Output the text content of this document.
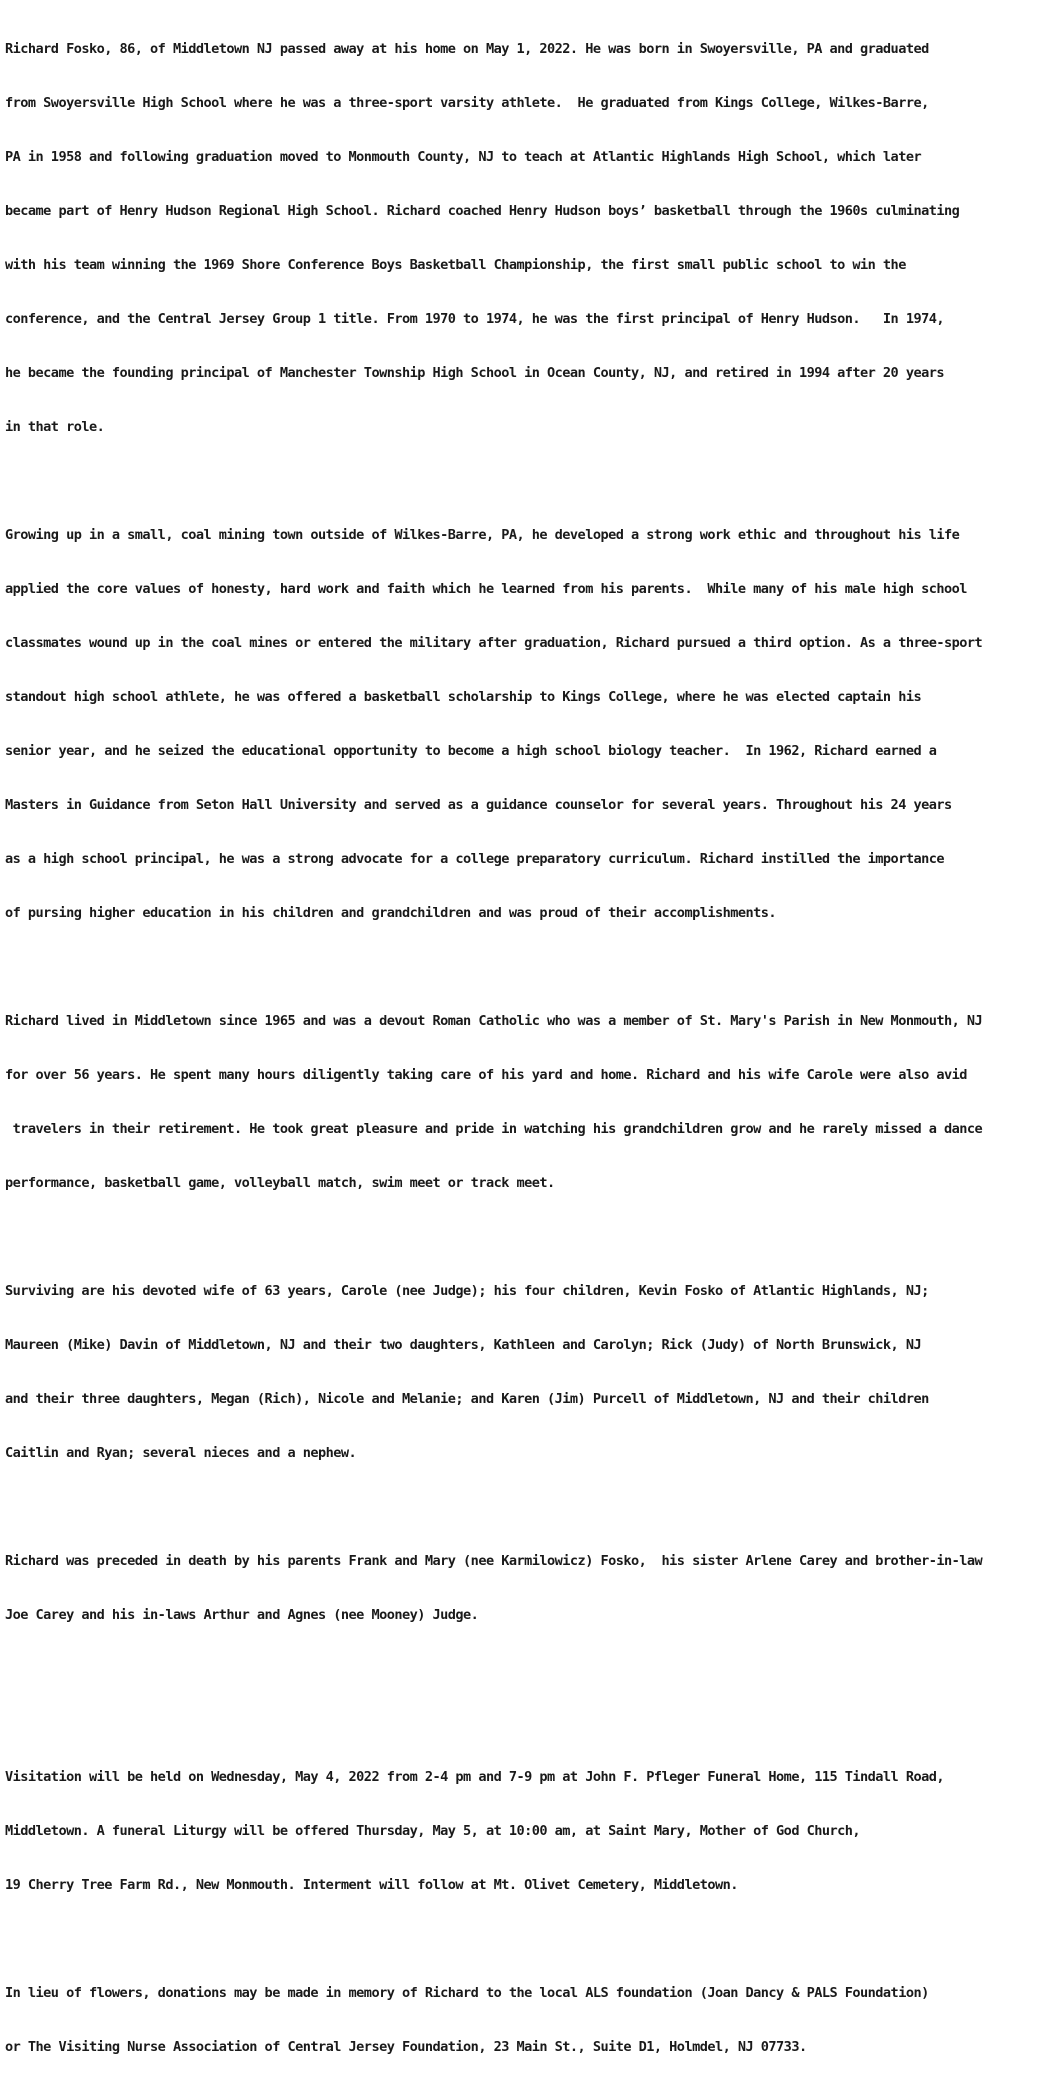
Richard Fosko, 86, of Middletown NJ passed away at his home on May 1, 2022. He was born in Swoyersville, PA and graduated

from Swoyersville High School where he was a three-sport varsity athlete.  He graduated from Kings College, Wilkes-Barre,

PA in 1958 and following graduation moved to Monmouth County, NJ to teach at Atlantic Highlands High School, which later

became part of Henry Hudson Regional High School. Richard coached Henry Hudson boys’ basketball through the 1960s culminating

with his team winning the 1969 Shore Conference Boys Basketball Championship, the first small public school to win the

conference, and the Central Jersey Group 1 title. From 1970 to 1974, he was the first principal of Henry Hudson.   In 1974,

he became the founding principal of Manchester Township High School in Ocean County, NJ, and retired in 1994 after 20 years

in that role.

Growing up in a small, coal mining town outside of Wilkes-Barre, PA, he developed a strong work ethic and throughout his life

applied the core values of honesty, hard work and faith which he learned from his parents.  While many of his male high school

classmates wound up in the coal mines or entered the military after graduation, Richard pursued a third option. As a three-sport

standout high school athlete, he was offered a basketball scholarship to Kings College, where he was elected captain his

senior year, and he seized the educational opportunity to become a high school biology teacher.  In 1962, Richard earned a

Masters in Guidance from Seton Hall University and served as a guidance counselor for several years. Throughout his 24 years

as a high school principal, he was a strong advocate for a college preparatory curriculum. Richard instilled the importance

of pursing higher education in his children and grandchildren and was proud of their accomplishments.

Richard lived in Middletown since 1965 and was a devout Roman Catholic who was a member of St. Mary's Parish in New Monmouth, NJ

for over 56 years. He spent many hours diligently taking care of his yard and home. Richard and his wife Carole were also avid

travelers in their retirement. He took great pleasure and pride in watching his grandchildren grow and he rarely missed a dance

performance, basketball game, volleyball match, swim meet or track meet.

Surviving are his devoted wife of 63 years, Carole (nee Judge); his four children, Kevin Fosko of Atlantic Highlands, NJ;

Maureen (Mike) Davin of Middletown, NJ and their two daughters, Kathleen and Carolyn; Rick (Judy) of North Brunswick, NJ

and their three daughters, Megan (Rich), Nicole and Melanie; and Karen (Jim) Purcell of Middletown, NJ and their children

Caitlin and Ryan; several nieces and a nephew.

Richard was preceded in death by his parents Frank and Mary (nee Karmilowicz) Fosko,  his sister Arlene Carey and brother-in-law

Joe Carey and his in-laws Arthur and Agnes (nee Mooney) Judge.

Visitation will be held on Wednesday, May 4, 2022 from 2-4 pm and 7-9 pm at John F. Pfleger Funeral Home, 115 Tindall Road,

Middletown. A funeral Liturgy will be offered Thursday, May 5, at 10:00 am, at Saint Mary, Mother of God Church,

19 Cherry Tree Farm Rd., New Monmouth. Interment will follow at Mt. Olivet Cemetery, Middletown.

In lieu of flowers, donations may be made in memory of Richard to the local ALS foundation (Joan Dancy & PALS Foundation)

or The Visiting Nurse Association of Central Jersey Foundation, 23 Main St., Suite D1, Holmdel, NJ 07733.
